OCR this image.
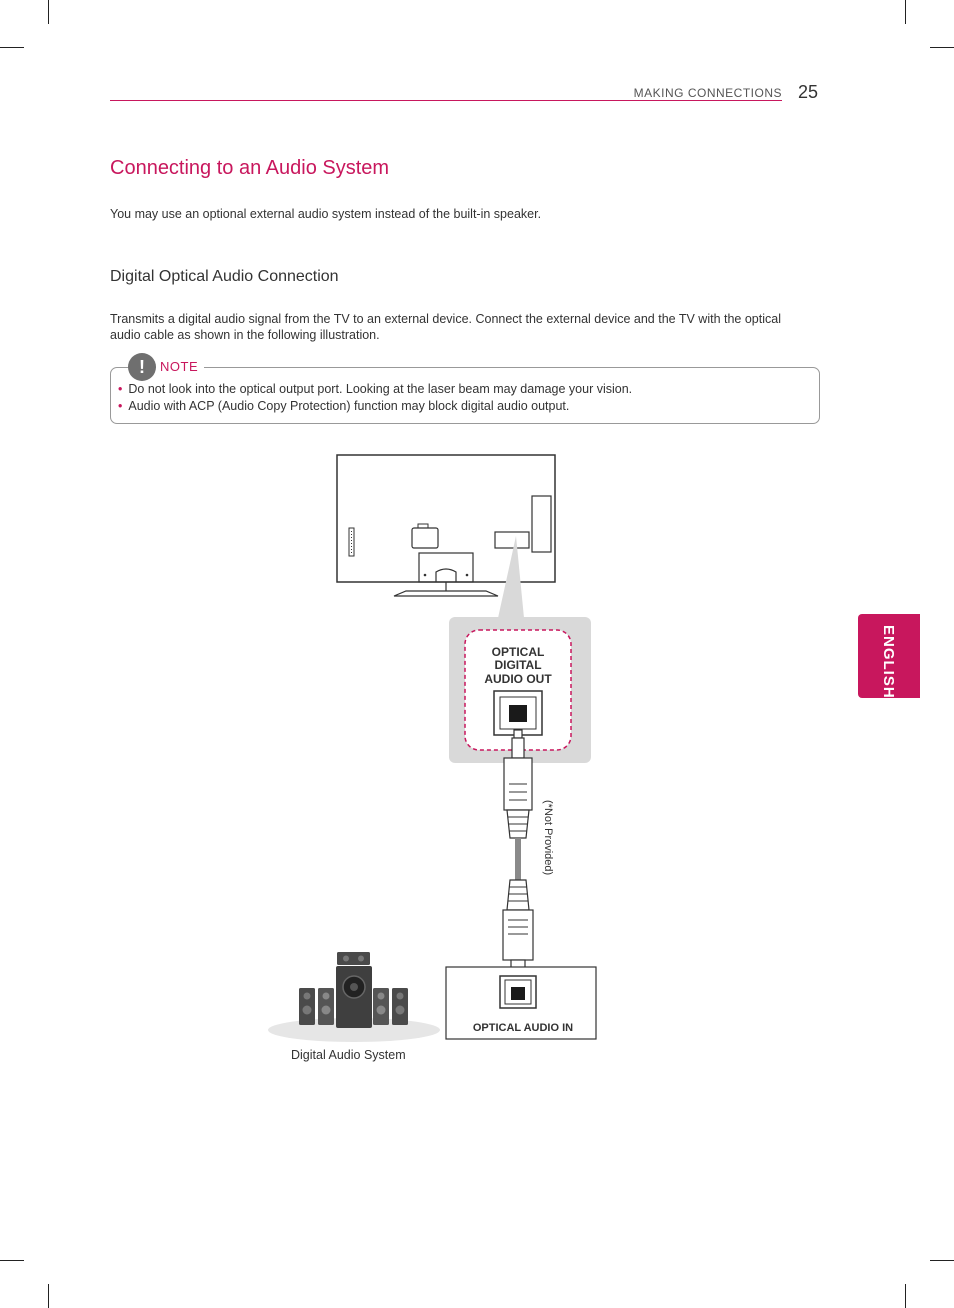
MAKING CONNECTIONS 25
Connecting to an Audio System
You may use an optional external audio system instead of the built-in speaker.
Digital Optical Audio Connection
Transmits a digital audio signal from the TV to an external device. Connect the external device and the TV with the optical audio cable as shown in the following illustration.
!	NOTE
• Do not look into the optical output port. Looking at the laser beam may damage your vision.
• Audio with ACP (Audio Copy Protection) function may block digital audio output.
ENGLISH
OPTICAL
DIGITAL
AUDIO OUT
(*Not Provided)
OPTICAL AUDIO IN
Digital Audio System
